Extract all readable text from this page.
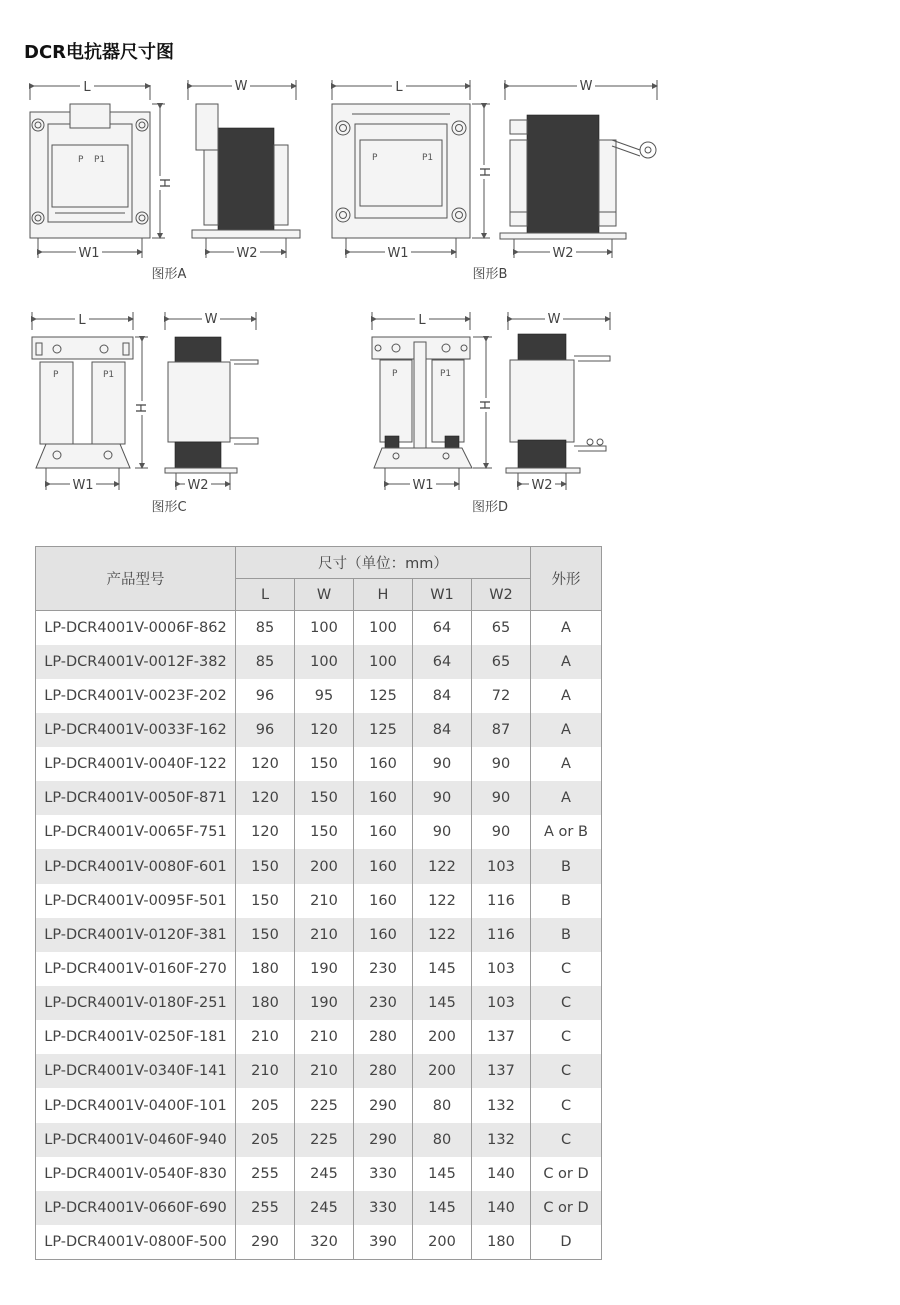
DCR电抗器尺寸图
L
P P1
W1
H
W
W2
图形A
L
P	P1
W1
H
W
W2
图形B
L
P	P1
W1
H
W
W2
图形C
L
P	P1
W1
H
W
W2
图形D
产品型号	尺寸（单位：mm）					外形
	L	W	H	W1	W2	
LP-DCR4001V-0006F-862	85	100	100	64	65	A
LP-DCR4001V-0012F-382	85	100	100	64	65	A
LP-DCR4001V-0023F-202	96	95	125	84	72	A
LP-DCR4001V-0033F-162	96	120	125	84	87	A
LP-DCR4001V-0040F-122	120	150	160	90	90	A
LP-DCR4001V-0050F-871	120	150	160	90	90	A
LP-DCR4001V-0065F-751	120	150	160	90	90	A or B
LP-DCR4001V-0080F-601	150	200	160	122	103	B
LP-DCR4001V-0095F-501	150	210	160	122	116	B
LP-DCR4001V-0120F-381	150	210	160	122	116	B
LP-DCR4001V-0160F-270	180	190	230	145	103	C
LP-DCR4001V-0180F-251	180	190	230	145	103	C
LP-DCR4001V-0250F-181	210	210	280	200	137	C
LP-DCR4001V-0340F-141	210	210	280	200	137	C
LP-DCR4001V-0400F-101	205	225	290	80	132	C
LP-DCR4001V-0460F-940	205	225	290	80	132	C
LP-DCR4001V-0540F-830	255	245	330	145	140	C or D
LP-DCR4001V-0660F-690	255	245	330	145	140	C or D
LP-DCR4001V-0800F-500	290	320	390	200	180	D
